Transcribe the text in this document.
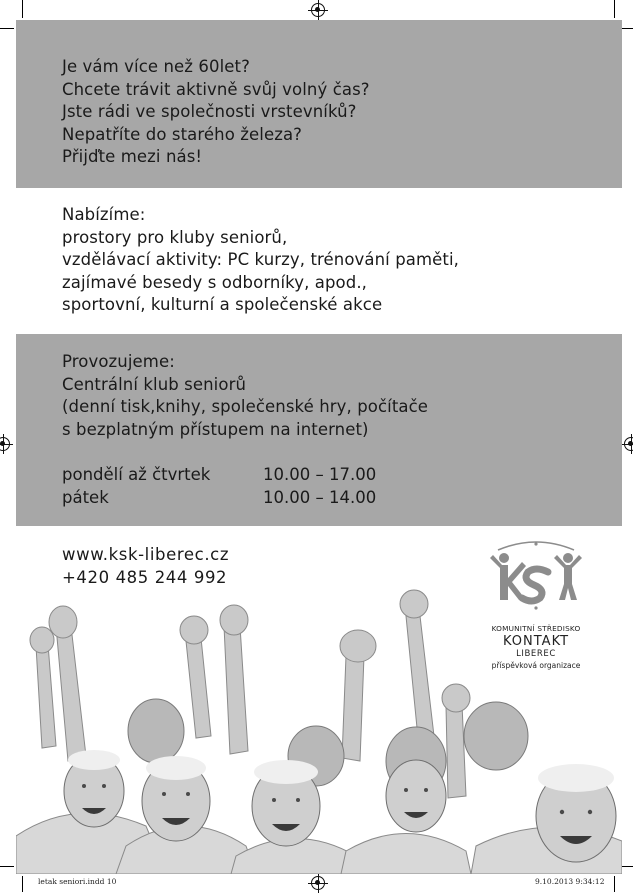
Je vám více než 60let?
Chcete trávit aktivně svůj volný čas?
Jste rádi ve společnosti vrstevníků?
Nepatříte do starého železa?
Přijďte mezi nás!
Nabízíme:
prostory pro kluby seniorů,
vzdělávací aktivity: PC kurzy, trénování paměti,
zajímavé besedy s odborníky, apod.,
sportovní, kulturní a společenské akce
Provozujeme:
Centrální klub seniorů
(denní tisk,knihy, společenské hry, počítače
s bezplatným přístupem na internet)
pondělí až čtvrtek	10.00 – 17.00
pátek	10.00 – 14.00
www.ksk-liberec.cz
+420 485 244 992
KOMUNITNÍ STŘEDISKO
KONTAKT
LIBEREC
příspěvková organizace
letak seniori.indd 10	9.10.2013 9:34:12
